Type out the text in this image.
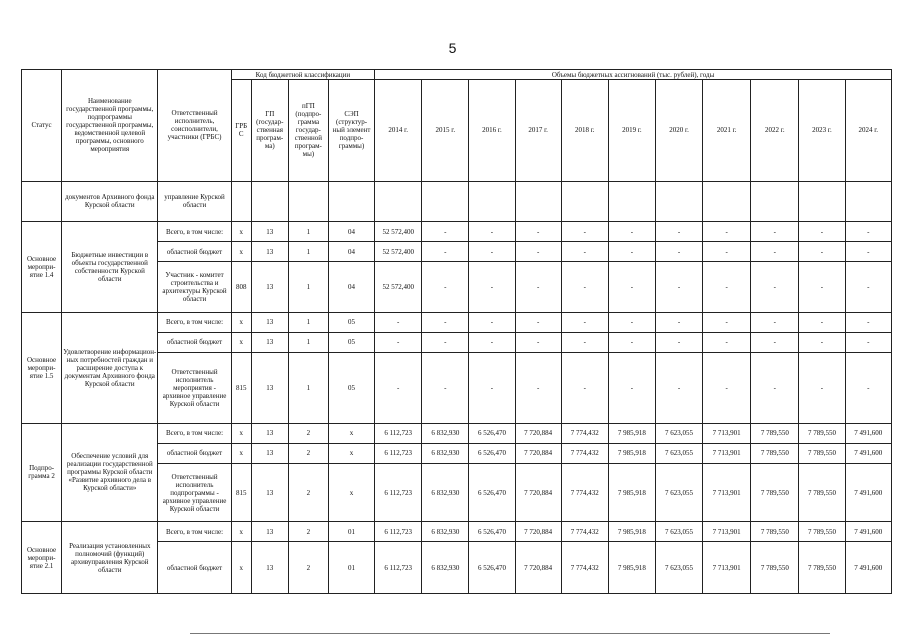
5
Статус	Наименование государственной программы, подпрограммы государственной программы, ведомственной целевой программы, основного мероприятия	Ответственный исполнитель, соисполнители, участники (ГРБС)	Код бюджетной классификации				Объемы бюджетных ассигнований (тыс. рублей), годы										
			ГРБ С	ГП (государ-ственная програм-ма)	пГП (подпро-грамма государ-ственной програм-мы)	СЭП (структур-ный элемент подпро-граммы)	2014 г.	2015 г.	2016 г.	2017 г.	2018 г.	2019 г.	2020 г.	2021 г.	2022 г.	2023 г.	2024 г.
	документов Архивного фонда Курской области	управление Курской области															
Основное меропри-ятие 1.4	Бюджетные инвестиции в объекты государственной собственности Курской области	Всего, в том числе:	х	13	1	04	52 572,400	-	-	-	-	-	-	-	-	-	-
		областной бюджет	х	13	1	04	52 572,400	-	-	-	-	-	-	-	-	-	-
		Участник - комитет строительства и архитектуры Курской области	808	13	1	04	52 572,400	-	-	-	-	-	-	-	-	-	-
Основное меропри-ятие 1.5	Удовлетворение информацион-ных потребностей граждан и расширение доступа к документам Архивного фонда Курской области	Всего, в том числе:	х	13	1	05	-	-	-	-	-	-	-	-	-	-	-
		областной бюджет	х	13	1	05	-	-	-	-	-	-	-	-	-	-	-
		Ответственный исполнитель мероприятия - архивное управление Курской области	815	13	1	05	-	-	-	-	-	-	-	-	-	-	-
Подпро-грамма 2	Обеспечение условий для реализации государственной программы Курской области «Развитие архивного дела в Курской области»	Всего, в том числе:	х	13	2	х	6 112,723	6 832,930	6 526,470	7 720,884	7 774,432	7 985,918	7 623,055	7 713,901	7 789,550	7 789,550	7 491,600
		областной бюджет	х	13	2	х	6 112,723	6 832,930	6 526,470	7 720,884	7 774,432	7 985,918	7 623,055	7 713,901	7 789,550	7 789,550	7 491,600
		Ответственный исполнитель подпрограммы - архивное управление Курской области	815	13	2	х	6 112,723	6 832,930	6 526,470	7 720,884	7 774,432	7 985,918	7 623,055	7 713,901	7 789,550	7 789,550	7 491,600
Основное меропри-ятие 2.1	Реализация установленных полномочий (функций) архивуправления Курской области	Всего, в том числе:	х	13	2	01	6 112,723	6 832,930	6 526,470	7 720,884	7 774,432	7 985,918	7 623,055	7 713,901	7 789,550	7 789,550	7 491,600
		областной бюджет	х	13	2	01	6 112,723	6 832,930	6 526,470	7 720,884	7 774,432	7 985,918	7 623,055	7 713,901	7 789,550	7 789,550	7 491,600
